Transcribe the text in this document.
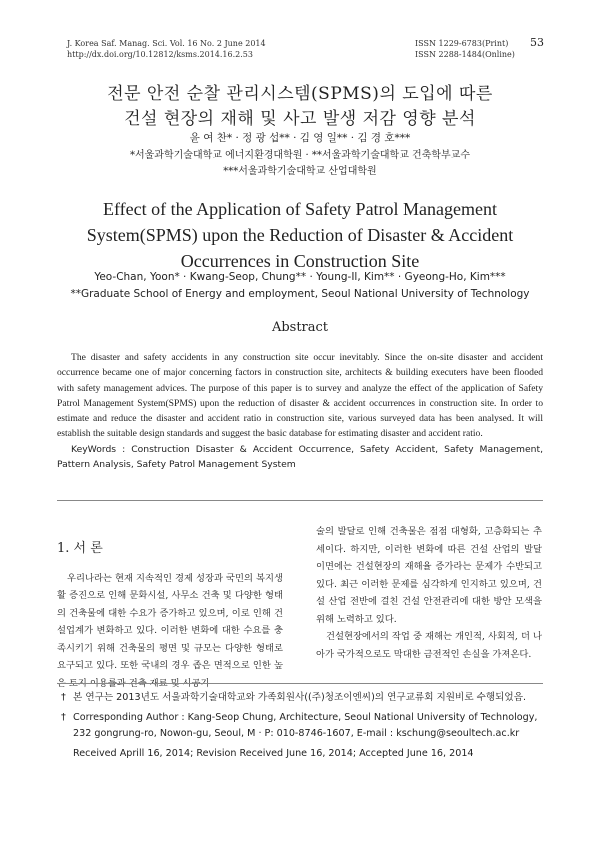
J. Korea Saf. Manag. Sci. Vol. 16 No. 2 June 2014
http://dx.doi.org/10.12812/ksms.2014.16.2.53
ISSN 1229-6783(Print)
ISSN 2288-1484(Online)
53
전문 안전 순찰 관리시스템(SPMS)의 도입에 따른
건설 현장의 재해 및 사고 발생 저감 영향 분석
윤 여 찬* · 정 광 섭** · 김 영 일** · 김 경 호***
*서울과학기술대학교 에너지환경대학원 · **서울과학기술대학교 건축학부교수
***서울과학기술대학교 산업대학원
Effect of the Application of Safety Patrol Management
System(SPMS) upon the Reduction of Disaster & Accident
Occurrences in Construction Site
Yeo-Chan, Yoon* · Kwang-Seop, Chung** · Young-Il, Kim** · Gyeong-Ho, Kim***
**Graduate School of Energy and employment, Seoul National University of Technology
Abstract

The disaster and safety accidents in any construction site occur inevitably. Since the on-site disaster and accident occurrence became one of major concerning factors in construction site, architects & building executers have been flooded with safety management advices. The purpose of this paper is to survey and analyze the effect of the application of Safety Patrol Management System(SPMS) upon the reduction of disaster & accident occurrences in construction site. In order to estimate and reduce the disaster and accident ratio in construction site, various surveyed data has been analysed. It will establish the suitable design standards and suggest the basic database for estimating disaster and accident ratio.

KeyWords : Construction Disaster & Accident Occurrence, Safety Accident, Safety Management, Pattern Analysis, Safety Patrol Management System

1. 서 론

우리나라는 현재 지속적인 경제 성장과 국민의 복지생활 증진으로 인해 문화시설, 사무소 건축 및 다양한 형태의 건축물에 대한 수요가 증가하고 있으며, 이로 인해 건설업계가 변화하고 있다. 이러한 변화에 대한 수요를 충족시키기 위해 건축물의 평면 및 규모는 다양한 형태로 요구되고 있다. 또한 국내의 경우 좁은 면적으로 인한 높은 토지 이용률과 건축 재료 및 시공기

술의 발달로 인해 건축물은 점점 대형화, 고층화되는 추세이다. 하지만, 이러한 변화에 따른 건설 산업의 발달 이면에는 건설현장의 재해율 증가라는 문제가 수반되고 있다. 최근 이러한 문제를 심각하게 인지하고 있으며, 건설 산업 전반에 걸친 건설 안전관리에 대한 방안 모색을 위해 노력하고 있다.

건설현장에서의 작업 중 재해는 개인적, 사회적, 더 나아가 국가적으로도 막대한 금전적인 손실을 가져온다.

† 본 연구는 2013년도 서울과학기술대학교와 가족회원사((주)청조이엔씨)의 연구교류회 지원비로 수행되었음.

† Corresponding Author : Kang-Seop Chung, Architecture, Seoul National University of Technology, 232 gongrung-ro, Nowon-gu, Seoul, M · P: 010-8746-1607, E-mail : kschung@seoultech.ac.kr

Received Aprill 16, 2014; Revision Received June 16, 2014; Accepted June 16, 2014
